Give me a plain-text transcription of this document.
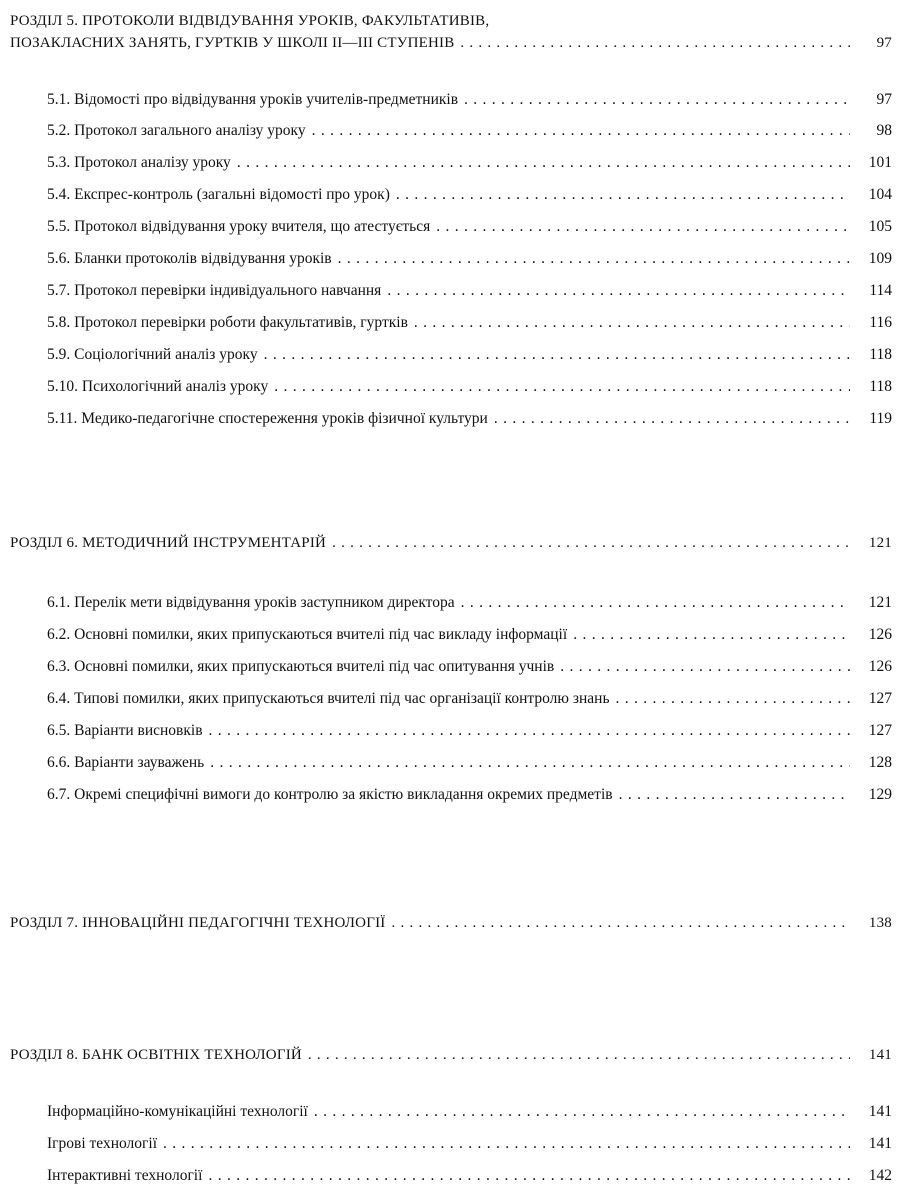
РОЗДІЛ 5. ПРОТОКОЛИ ВІДВІДУВАННЯ УРОКІВ, ФАКУЛЬТАТИВІВ,
ПОЗАКЛАСНИХ ЗАНЯТЬ, ГУРТКІВ У ШКОЛІ ІІ—ІІІ СТУПЕНІВ . . .	97
5.1. Відомості про відвідування уроків учителів-предметників . . .	97
5.2. Протокол загального аналізу уроку . . .	98
5.3. Протокол аналізу уроку . . .	101
5.4. Експрес-контроль (загальні відомості про урок) . . .	104
5.5. Протокол відвідування уроку вчителя, що атестується . . .	105
5.6. Бланки протоколів відвідування уроків . . .	109
5.7. Протокол перевірки індивідуального навчання . . .	114
5.8. Протокол перевірки роботи факультативів, гуртків . . .	116
5.9. Соціологічний аналіз уроку . . .	118
5.10. Психологічний аналіз уроку . . .	118
5.11. Медико-педагогічне спостереження уроків фізичної культури . . .	119
РОЗДІЛ 6. МЕТОДИЧНИЙ ІНСТРУМЕНТАРІЙ . . .	121
6.1. Перелік мети відвідування уроків заступником директора . . .	121
6.2. Основні помилки, яких припускаються вчителі під час викладу інформації . . .	126
6.3. Основні помилки, яких припускаються вчителі під час опитування учнів . . .	126
6.4. Типові помилки, яких припускаються вчителі під час організації контролю знань . . .	127
6.5. Варіанти висновків . . .	127
6.6. Варіанти зауважень . . .	128
6.7. Окремі специфічні вимоги до контролю за якістю викладання окремих предметів . . .	129
РОЗДІЛ 7. ІННОВАЦІЙНІ ПЕДАГОГІЧНІ ТЕХНОЛОГІЇ . . .	138
РОЗДІЛ 8. БАНК ОСВІТНІХ ТЕХНОЛОГІЙ . . .	141
Інформаційно-комунікаційні технології . . .	141
Ігрові технології . . .	141
Інтерактивні технології . . .	142
